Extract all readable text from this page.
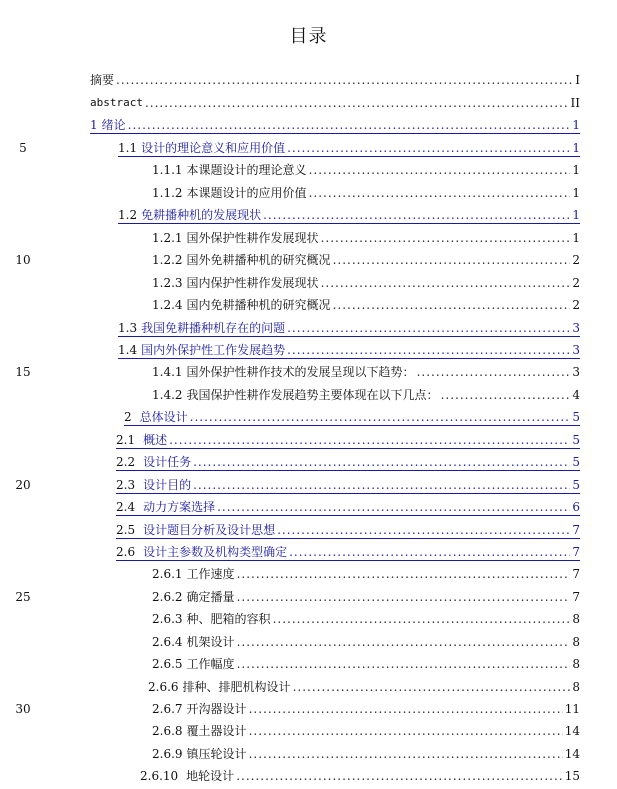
目录
5
10
15
20
25
30
摘要 .....	I
abstract .....	II
1 绪论 .....	1
1.1 设计的理论意义和应用价值 .....	1
1.1.1 本课题设计的理论意义 .....	1
1.1.2 本课题设计的应用价值 .....	1
1.2 免耕播种机的发展现状 .....	1
1.2.1 国外保护性耕作发展现状 .....	1
1.2.2 国外免耕播种机的研究概况 .....	2
1.2.3 国内保护性耕作发展现状 .....	2
1.2.4 国内免耕播种机的研究概况 .....	2
1.3 我国免耕播种机存在的问题 .....	3
1.4 国内外保护性工作发展趋势 .....	3
1.4.1 国外保护性耕作技术的发展呈现以下趋势： .....	3
1.4.2 我国保护性耕作发展趋势主要体现在以下几点： .....	4
2 总体设计 .....	5
2.1 概述 .....	5
2.2 设计任务 .....	5
2.3 设计目的 .....	5
2.4 动力方案选择 .....	6
2.5 设计题目分析及设计思想 .....	7
2.6 设计主参数及机构类型确定 .....	7
2.6.1 工作速度 .....	7
2.6.2 确定播量 .....	7
2.6.3 种、肥箱的容积 .....	8
2.6.4 机架设计 .....	8
2.6.5 工作幅度 .....	8
2.6.6 排种、排肥机构设计 .....	8
2.6.7 开沟器设计 .....	11
2.6.8 覆土器设计 .....	14
2.6.9 镇压轮设计 .....	14
2.6.10 地轮设计 .....	15
